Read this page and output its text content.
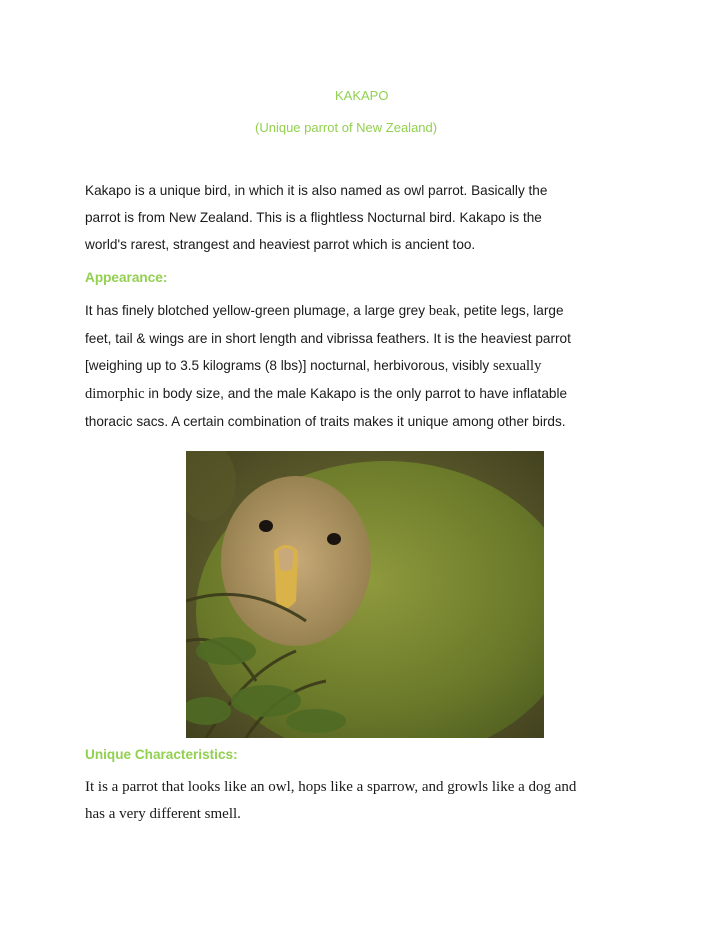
KAKAPO
(Unique parrot of New Zealand)
Kakapo is a unique bird, in which it is also named as owl parrot. Basically the
parrot is from New Zealand. This is a flightless Nocturnal bird. Kakapo is the
world's rarest, strangest and heaviest parrot which is ancient too.
Appearance:
It has finely blotched yellow-green plumage, a large grey beak, petite legs, large
feet, tail & wings are in short length and vibrissa feathers. It is the heaviest parrot
[weighing up to 3.5 kilograms (8 lbs)] nocturnal, herbivorous, visibly sexually
dimorphic in body size, and the male Kakapo is the only parrot to have inflatable
thoracic sacs. A certain combination of traits makes it unique among other birds.
Unique Characteristics:
It is a parrot that looks like an owl, hops like a sparrow, and growls like a dog and
has a very different smell.
